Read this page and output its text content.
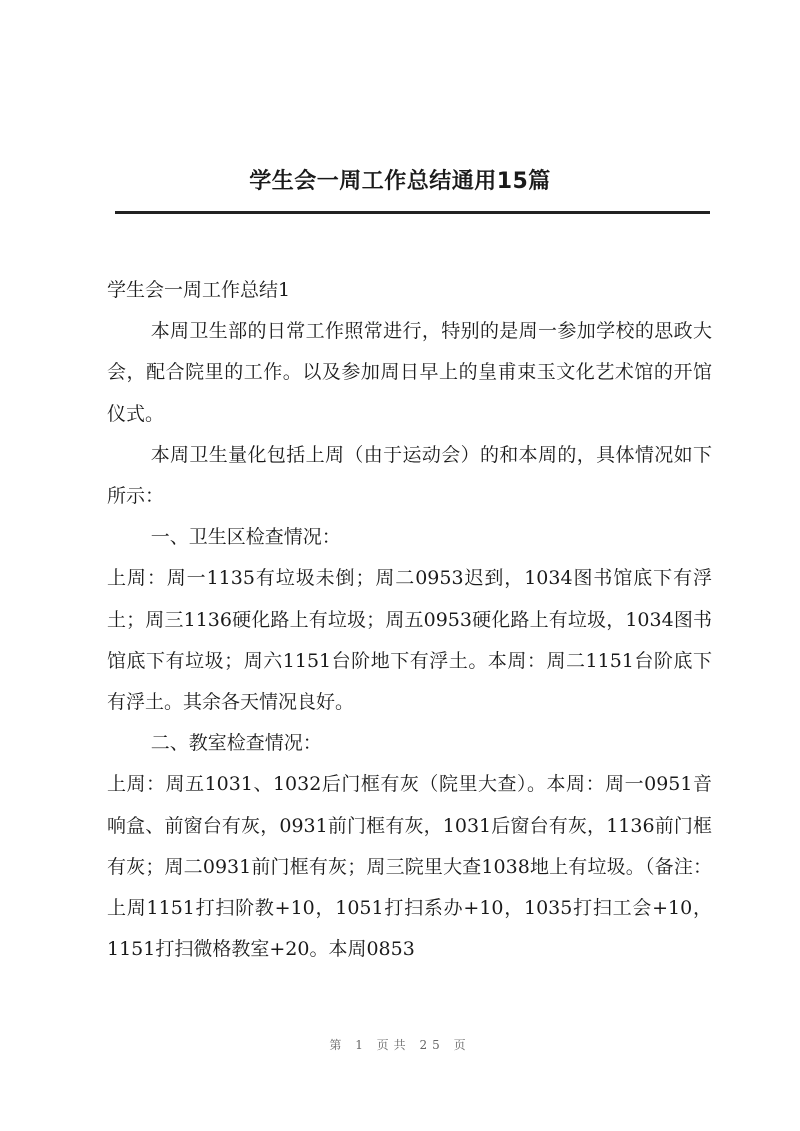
学生会一周工作总结通用15篇

学生会一周工作总结1

本周卫生部的日常工作照常进行，特别的是周一参加学校的思政大会，配合院里的工作。以及参加周日早上的皇甫束玉文化艺术馆的开馆仪式。

本周卫生量化包括上周（由于运动会）的和本周的，具体情况如下所示：

一、卫生区检查情况：

上周：周一1135有垃圾未倒；周二0953迟到，1034图书馆底下有浮土；周三1136硬化路上有垃圾；周五0953硬化路上有垃圾，1034图书馆底下有垃圾；周六1151台阶地下有浮土。本周：周二1151台阶底下有浮土。其余各天情况良好。

二、教室检查情况：

上周：周五1031、1032后门框有灰（院里大查）。本周：周一0951音响盒、前窗台有灰，0931前门框有灰，1031后窗台有灰，1136前门框有灰；周二0931前门框有灰；周三院里大查1038地上有垃圾。（备注：上周1151打扫阶教+10，1051打扫系办+10，1035打扫工会+10，1151打扫微格教室+20。本周0853

第 1 页共 25 页
